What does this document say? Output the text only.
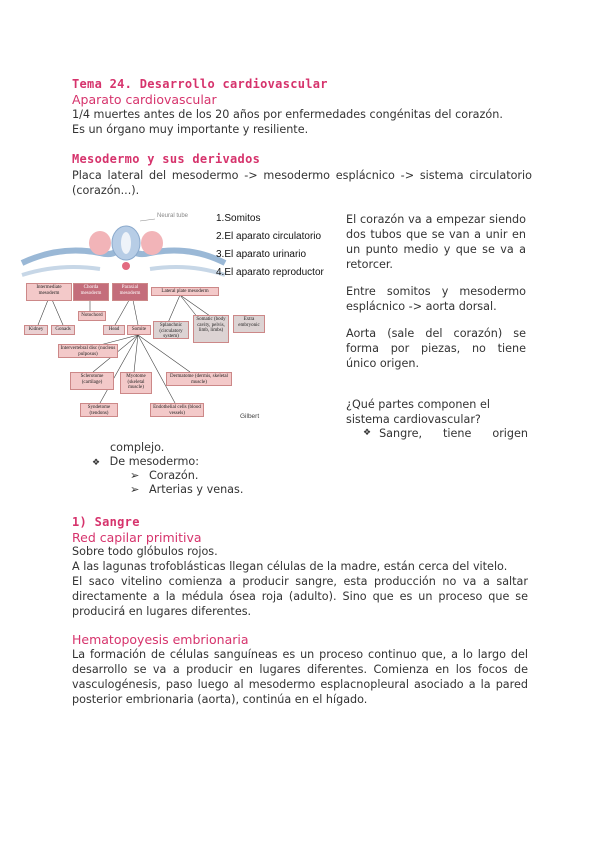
Tema 24. Desarrollo cardiovascular
Aparato cardiovascular
1/4 muertes antes de los 20 años por enfermedades congénitas del corazón.
Es un órgano muy importante y resiliente.
Mesodermo y sus derivados
Placa lateral del mesodermo -> mesodermo esplácnico -> sistema circulatorio (corazón...).
Neural tube	1.Somitos
2.El aparato circulatorio
3.El aparato urinario
4.El aparato reproductor
Intermediate mesoderm
Chorda mesoderm
Paraxial mesoderm	Lateral plate mesoderm
Kidney	Gonads
Notochord
Head	Somite
Splanchnic (circulatory system)
Somatic (body cavity, pelvis, limb, limbs)
Extra embryonic
Intervertebral disc (nucleus pulposus)
Sclerotome (cartilage)
Myotome (skeletal muscle)
Dermatome (dermis, skeletal muscle)
Syndetome (tendons)
Endothelial cells (blood vessels)	Gilbert
El corazón va a empezar siendo dos tubos que se van a unir en un punto medio y que se va a retorcer.
Entre somitos y mesodermo esplácnico -> aorta dorsal.
Aorta (sale del corazón) se forma por piezas, no tiene único origen.
¿Qué partes componen el sistema cardiovascular?
❖ Sangre, tiene origen
complejo.
❖ De mesodermo:
➢ Corazón.
➢ Arterias y venas.
1) Sangre
Red capilar primitiva
Sobre todo glóbulos rojos.
A las lagunas trofoblásticas llegan células de la madre, están cerca del vitelo.
El saco vitelino comienza a producir sangre, esta producción no va a saltar directamente a la médula ósea roja (adulto). Sino que es un proceso que se producirá en lugares diferentes.
Hematopoyesis embrionaria
La formación de células sanguíneas es un proceso continuo que, a lo largo del desarrollo se va a producir en lugares diferentes. Comienza en los focos de vasculogénesis, paso luego al mesodermo esplacnopleural asociado a la pared posterior embrionaria (aorta), continúa en el hígado.
